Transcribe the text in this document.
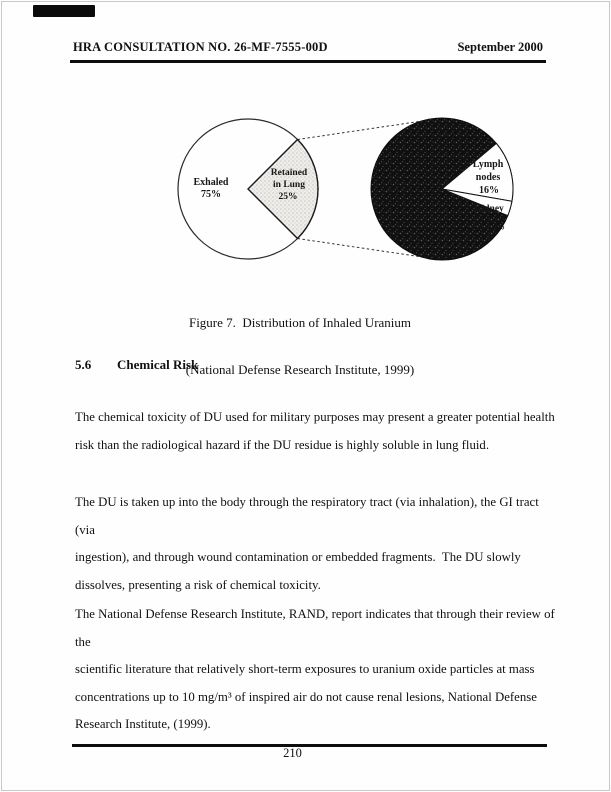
HRA CONSULTATION NO. 26-MF-7555-00D	September 2000
Exhaled
75%
Retained
in Lung
25%
Lymph
nodes
16%
Kidney
4%

Figure 7.  Distribution of Inhaled Uranium

(National Defense Research Institute, 1999)

5.6 Chemical Risk
The chemical toxicity of DU used for military purposes may present a greater potential health
risk than the radiological hazard if the DU residue is highly soluble in lung fluid.
The DU is taken up into the body through the respiratory tract (via inhalation), the GI tract (via
ingestion), and through wound contamination or embedded fragments.  The DU slowly
dissolves, presenting a risk of chemical toxicity.
The National Defense Research Institute, RAND, report indicates that through their review of the
scientific literature that relatively short-term exposures to uranium oxide particles at mass
concentrations up to 10 mg/m³ of inspired air do not cause renal lesions, National Defense
Research Institute, (1999).
210
